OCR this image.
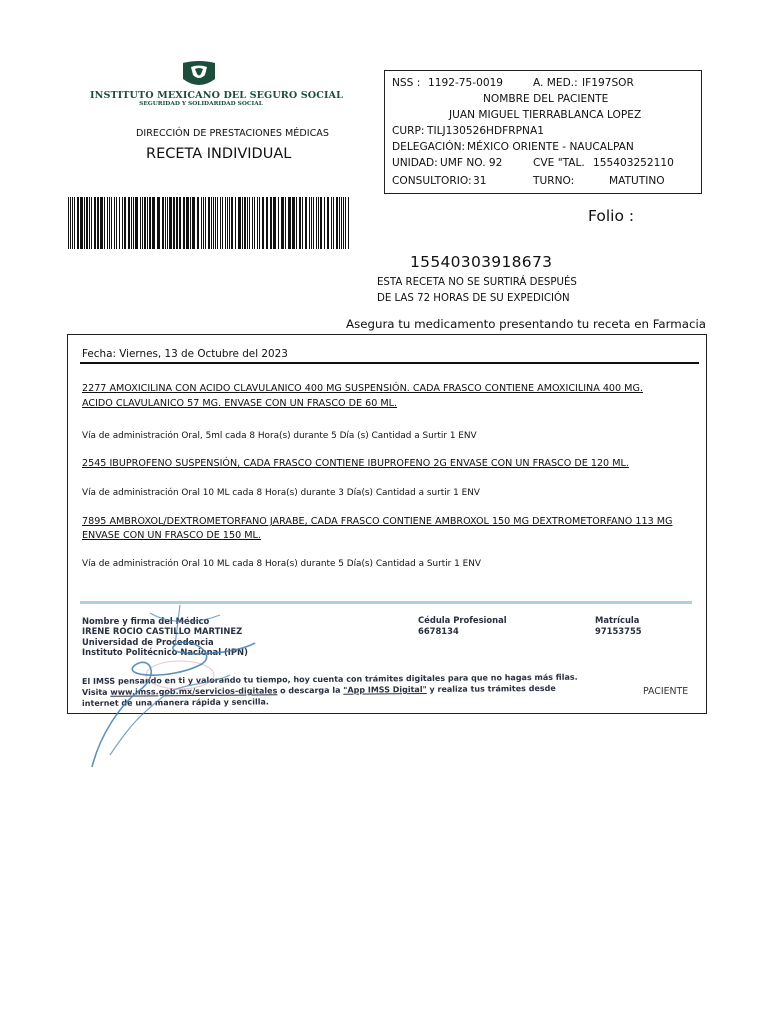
INSTITUTO MEXICANO DEL SEGURO SOCIAL
SEGURIDAD Y SOLIDARIDAD SOCIAL
DIRECCIÓN DE PRESTACIONES MÉDICAS
RECETA INDIVIDUAL
NSS : 1192-75-0019	A. MED.: IF197SOR
NOMBRE DEL PACIENTE
JUAN MIGUEL TIERRABLANCA LOPEZ
CURP: TILJ130526HDFRPNA1
DELEGACIÓN: MÉXICO ORIENTE - NAUCALPAN
UNIDAD: UMF NO. 92	CVE "TAL. 155403252110
CONSULTORIO: 31	TURNO:	MATUTINO
Folio :
15540303918673
ESTA RECETA NO SE SURTIRÁ DESPUÉS
DE LAS 72 HORAS DE SU EXPEDICIÓN
Asegura tu medicamento presentando tu receta en Farmacia
Fecha: Viernes, 13 de Octubre del 2023
2277 AMOXICILINA CON ACIDO CLAVULANICO 400 MG SUSPENSIÓN. CADA FRASCO CONTIENE AMOXICILINA 400 MG.
ACIDO CLAVULANICO 57 MG. ENVASE CON UN FRASCO DE 60 ML.
Vía de administración Oral, 5ml cada 8 Hora(s) durante 5 Día (s) Cantidad a Surtir 1 ENV
2545 IBUPROFENO SUSPENSIÓN, CADA FRASCO CONTIENE IBUPROFENO 2G ENVASE CON UN FRASCO DE 120 ML.
Vía de administración Oral 10 ML cada 8 Hora(s) durante 3 Día(s) Cantidad a surtir 1 ENV
7895 AMBROXOL/DEXTROMETORFANO JARABE, CADA FRASCO CONTIENE AMBROXOL 150 MG DEXTROMETORFANO 113 MG
ENVASE CON UN FRASCO DE 150 ML.
Vía de administración Oral 10 ML cada 8 Hora(s) durante 5 Día(s) Cantidad a Surtir 1 ENV
Nombre y firma del Médico
IRENE ROCIO CASTILLO MARTINEZ
Universidad de Procedencia
Instituto Politécnico Nacional (IPN)
Cédula Profesional
6678134
Matrícula
97153755
El IMSS pensando en ti y valorando tu tiempo, hoy cuenta con trámites digitales para que no hagas más filas.
Visita www.imss.gob.mx/servicios-digitales o descarga la "App IMSS Digital" y realiza tus trámites desde
internet de una manera rápida y sencilla.
PACIENTE
